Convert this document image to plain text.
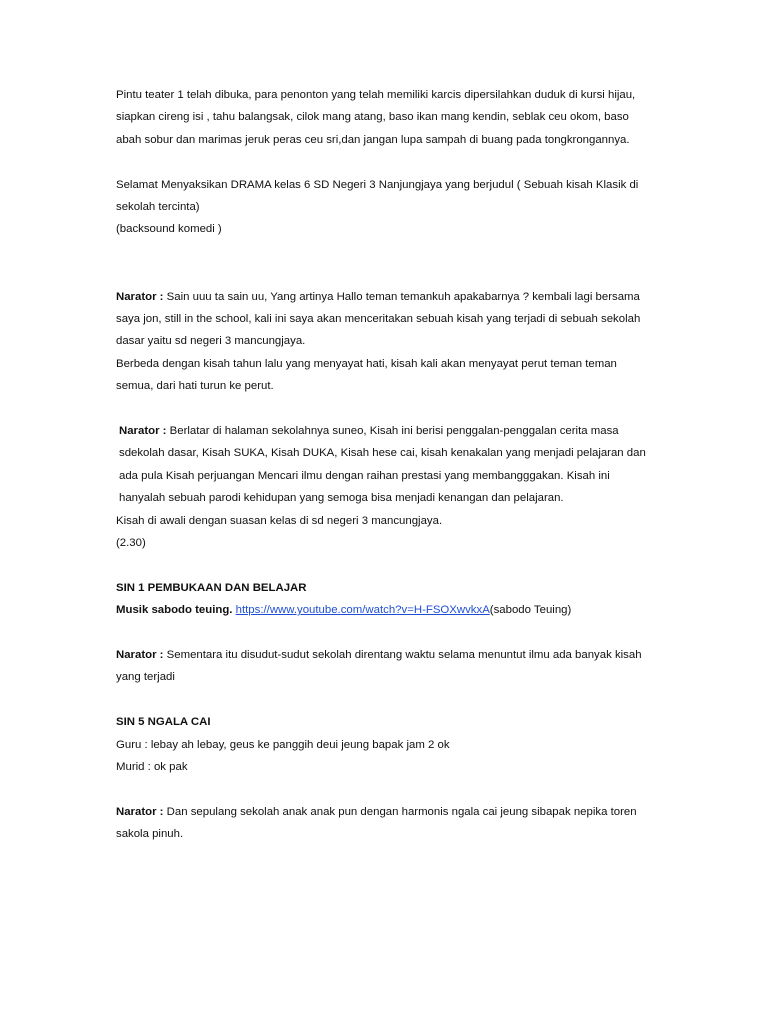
Pintu teater 1 telah dibuka, para penonton yang telah memiliki karcis dipersilahkan duduk di kursi hijau, siapkan cireng isi , tahu balangsak, cilok mang atang, baso ikan mang kendin, seblak ceu okom, baso abah sobur dan marimas jeruk peras ceu sri,dan jangan lupa sampah di buang pada tongkrongannya.

Selamat Menyaksikan DRAMA kelas 6 SD Negeri 3 Nanjungjaya yang berjudul ( Sebuah kisah Klasik di sekolah tercinta)

(backsound komedi )

Narator : Sain uuu ta sain uu, Yang artinya Hallo teman temankuh apakabarnya ? kembali lagi bersama saya jon, still in the school, kali ini saya akan menceritakan sebuah kisah yang terjadi di sebuah sekolah dasar yaitu sd negeri 3 mancungjaya.

Berbeda dengan kisah tahun lalu yang menyayat hati, kisah kali akan menyayat perut teman teman semua, dari hati turun ke perut.

Narator : Berlatar di halaman sekolahnya suneo, Kisah ini berisi penggalan-penggalan cerita masa sdekolah dasar, Kisah SUKA, Kisah DUKA, Kisah hese cai, kisah kenakalan yang menjadi pelajaran dan ada pula Kisah perjuangan Mencari ilmu dengan raihan prestasi yang membangggakan. Kisah ini hanyalah sebuah parodi kehidupan yang semoga bisa menjadi kenangan dan pelajaran.

Kisah di awali dengan suasan kelas di sd negeri 3 mancungjaya.

(2.30)

SIN 1 PEMBUKAAN DAN BELAJAR

Musik sabodo teuing. https://www.youtube.com/watch?v=H-FSOXwvkxA(sabodo Teuing)

Narator : Sementara itu disudut-sudut sekolah direntang waktu selama menuntut ilmu ada banyak kisah yang terjadi

SIN 5 NGALA CAI

Guru : lebay ah lebay, geus ke panggih deui jeung bapak jam 2 ok

Murid : ok pak

Narator : Dan sepulang sekolah anak anak pun dengan harmonis ngala cai jeung sibapak nepika toren sakola pinuh.
